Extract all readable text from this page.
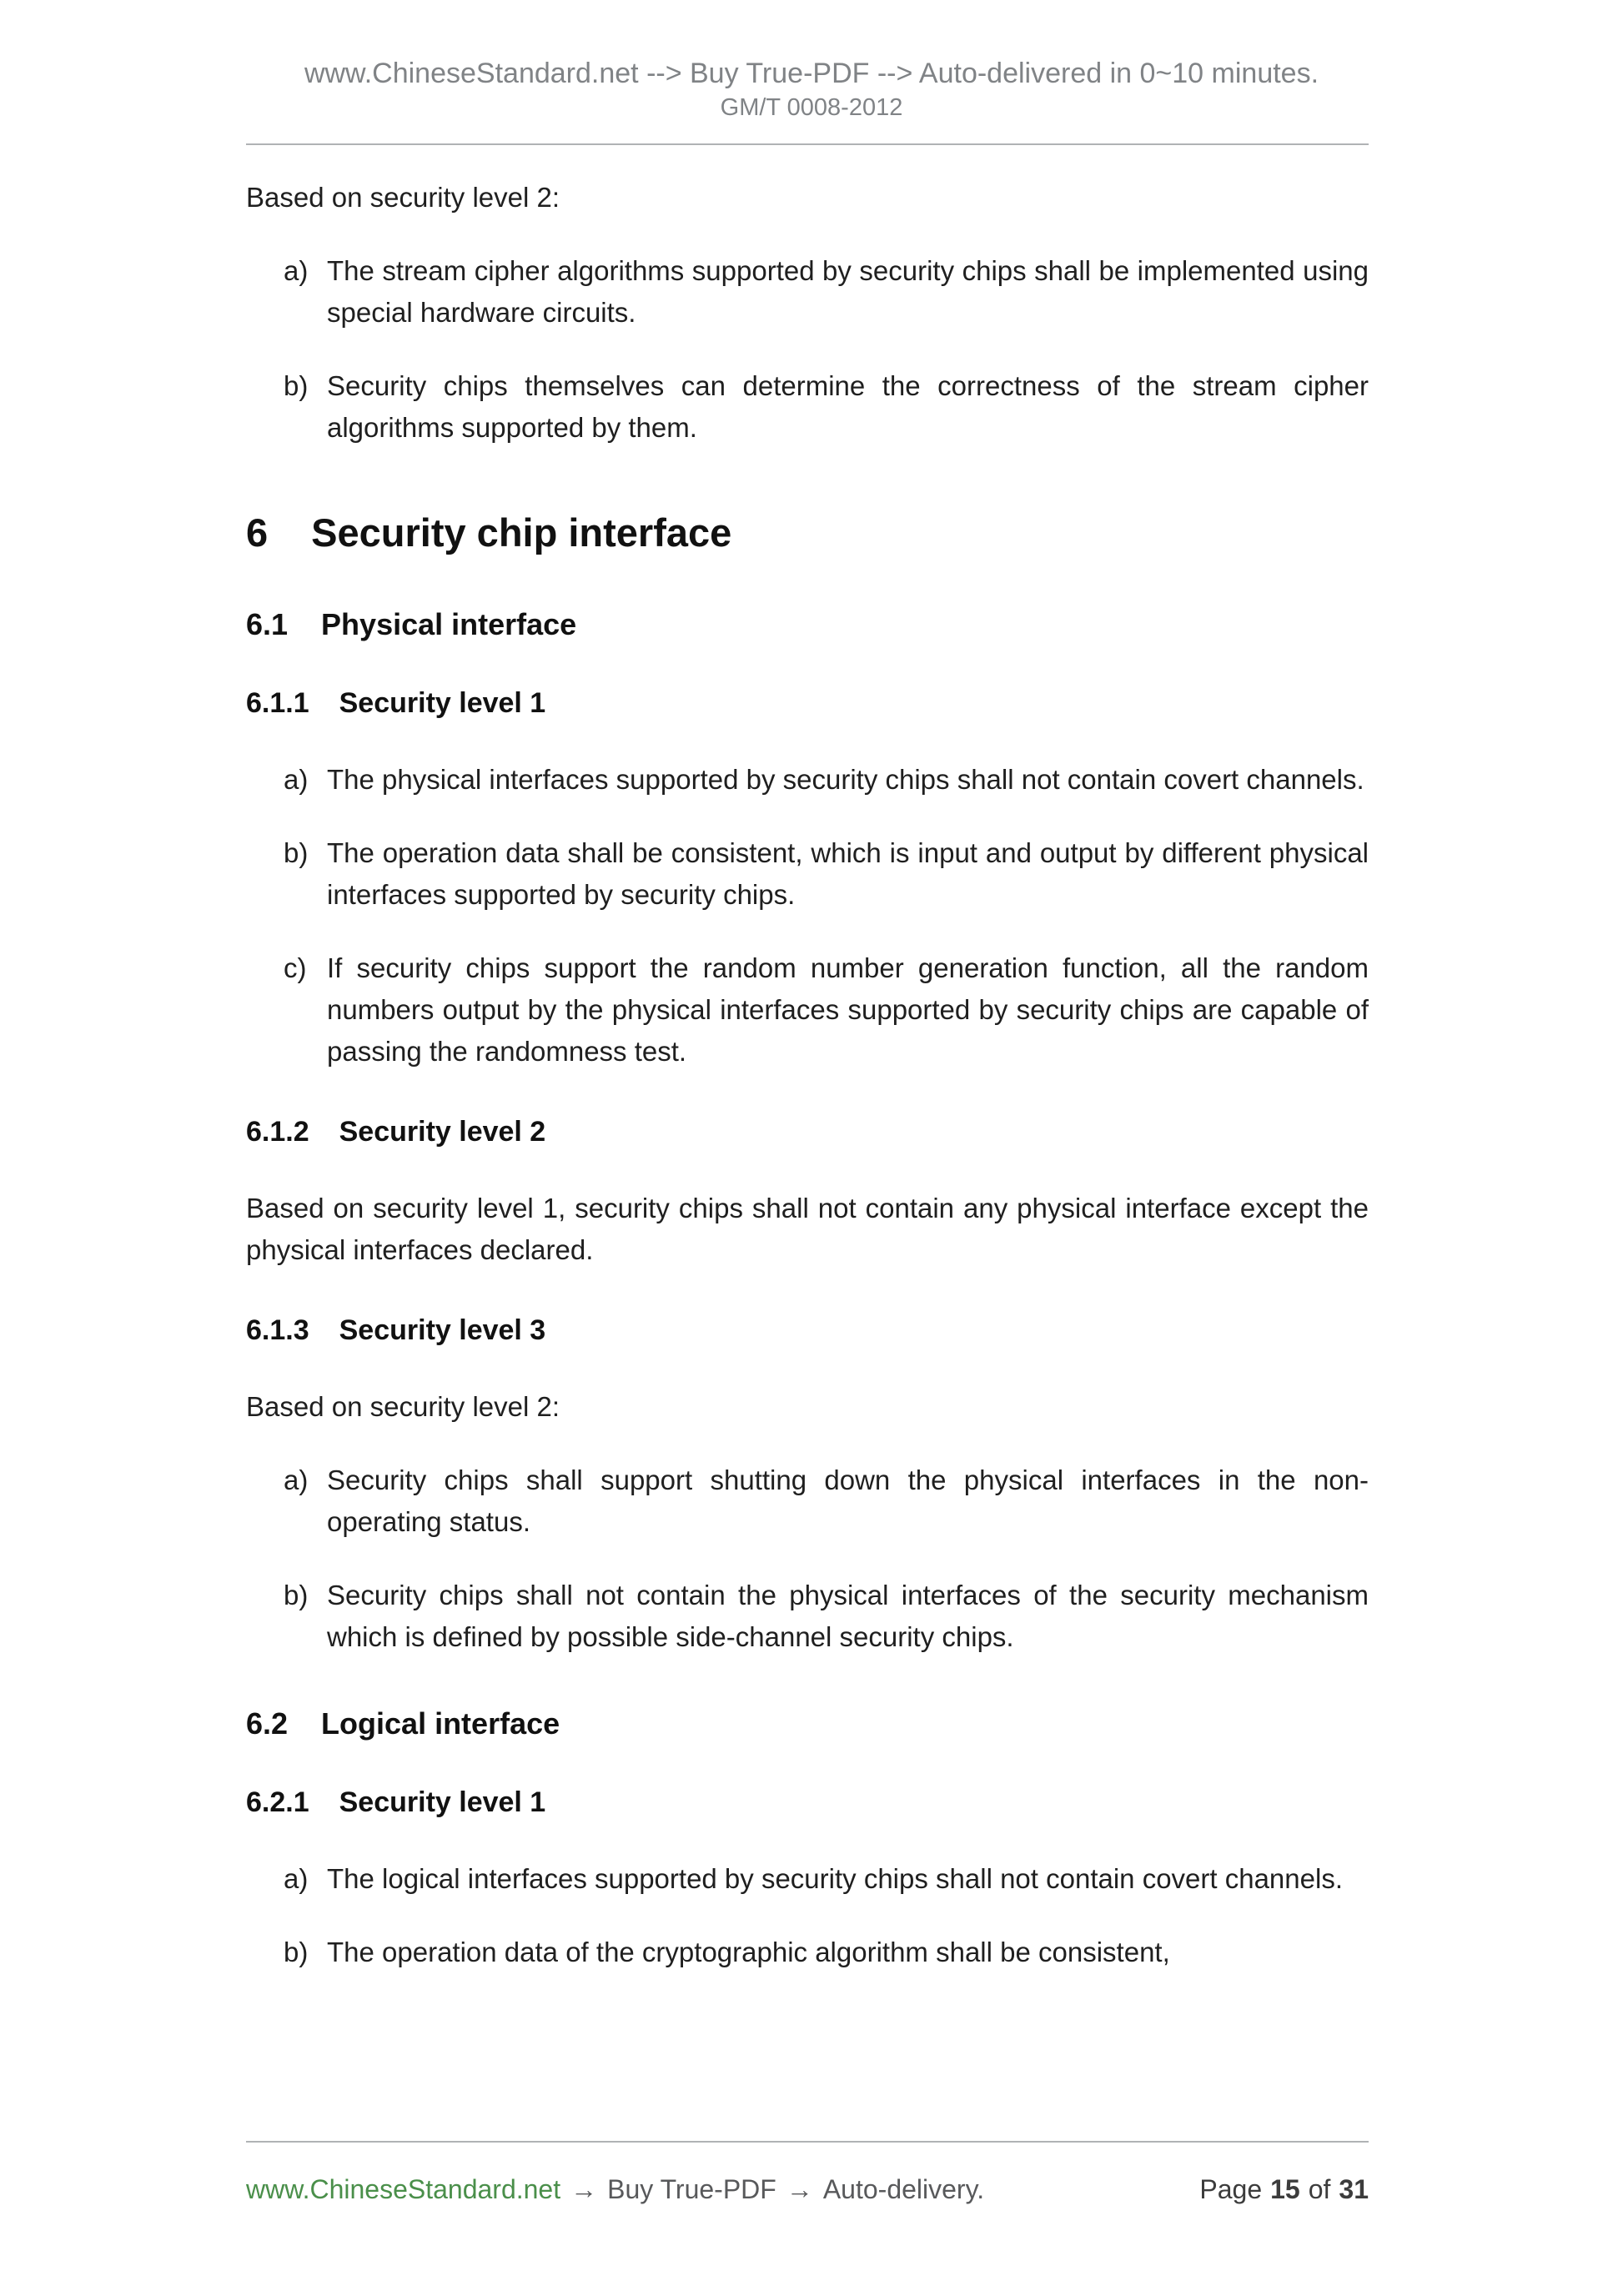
www.ChineseStandard.net --> Buy True-PDF --> Auto-delivered in 0~10 minutes.
GM/T 0008-2012

Based on security level 2:

a) The stream cipher algorithms supported by security chips shall be implemented using special hardware circuits.
b) Security chips themselves can determine the correctness of the stream cipher algorithms supported by them.
6 Security chip interface
6.1 Physical interface
6.1.1 Security level 1
a) The physical interfaces supported by security chips shall not contain covert channels.
b) The operation data shall be consistent, which is input and output by different physical interfaces supported by security chips.
c) If security chips support the random number generation function, all the random numbers output by the physical interfaces supported by security chips are capable of passing the randomness test.
6.1.2 Security level 2

Based on security level 1, security chips shall not contain any physical interface except the physical interfaces declared.

6.1.3 Security level 3

Based on security level 2:

a) Security chips shall support shutting down the physical interfaces in the non-operating status.
b) Security chips shall not contain the physical interfaces of the security mechanism which is defined by possible side-channel security chips.
6.2 Logical interface
6.2.1 Security level 1
a) The logical interfaces supported by security chips shall not contain covert channels.
b) The operation data of the cryptographic algorithm shall be consistent,
www.ChineseStandard.net → Buy True-PDF → Auto-delivery.	Page 15 of 31
